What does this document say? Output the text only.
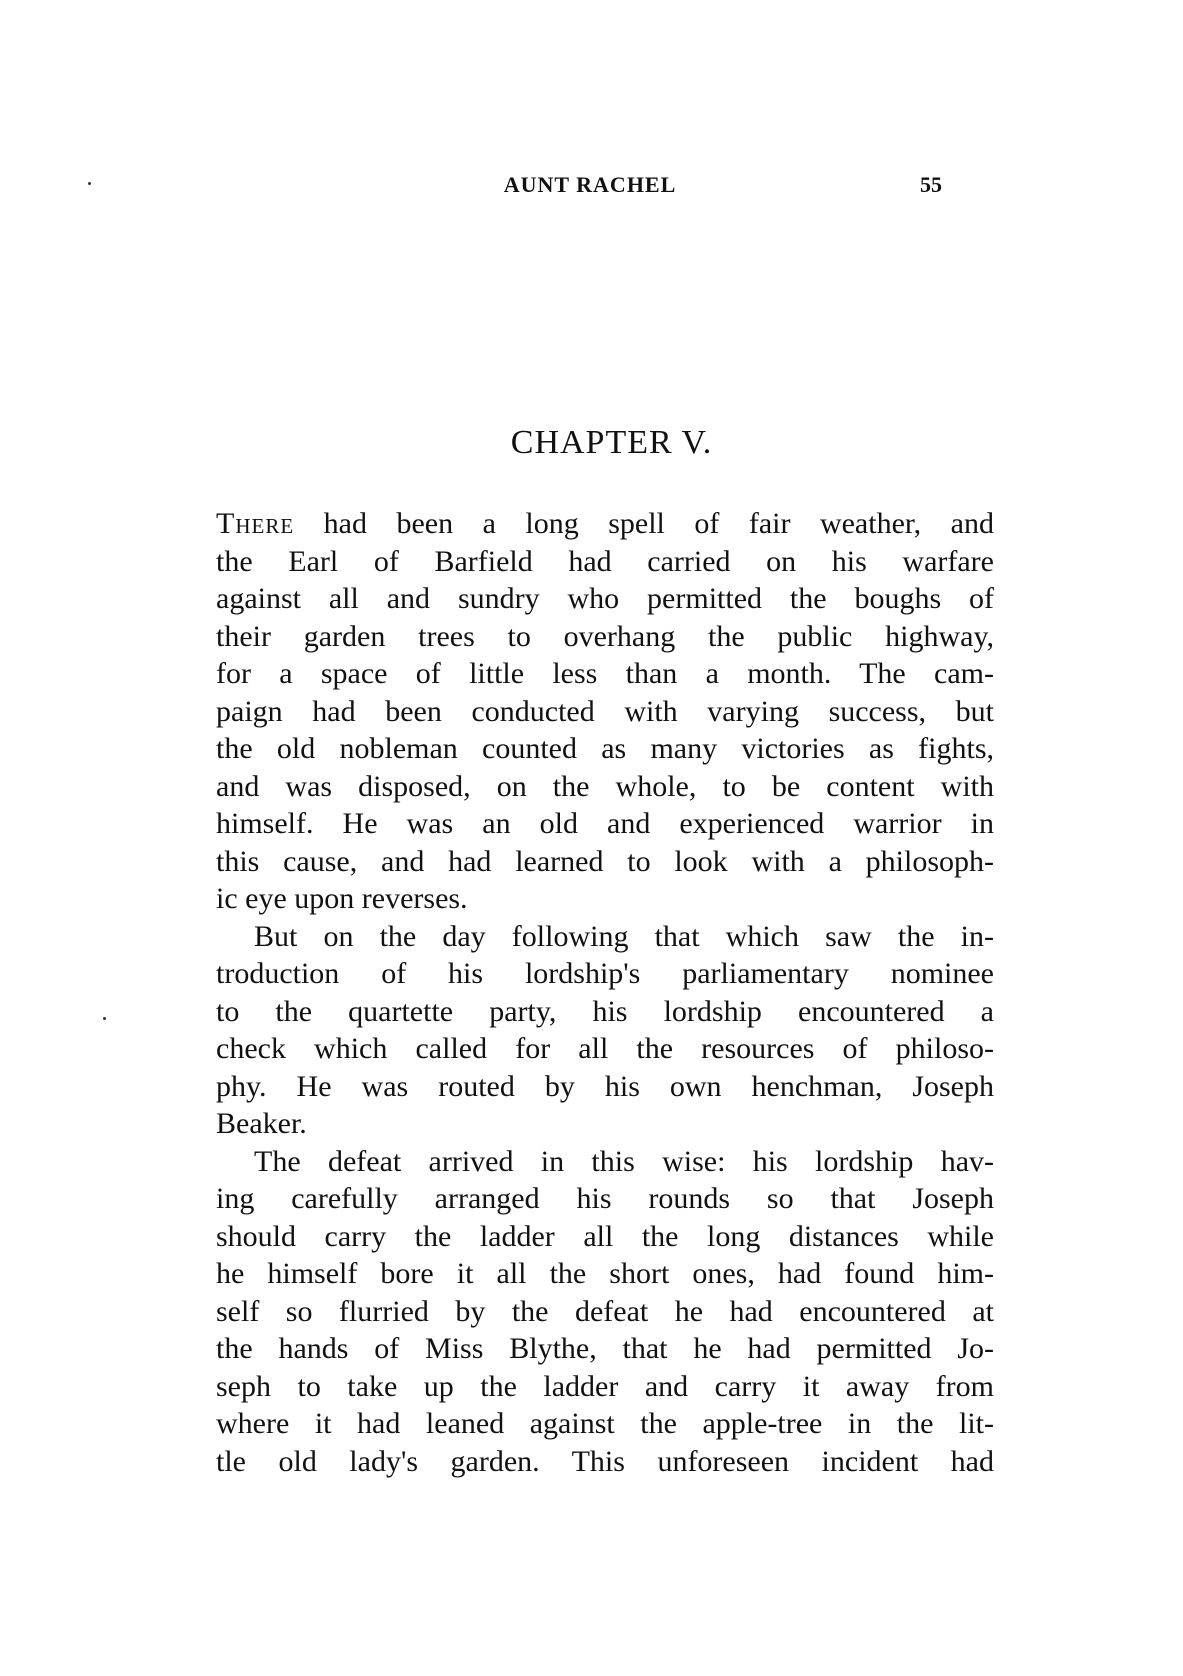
AUNT RACHEL	55
CHAPTER V.
There had been a long spell of fair weather, and
the Earl of Barfield had carried on his warfare
against all and sundry who permitted the boughs of
their garden trees to overhang the public highway,
for a space of little less than a month. The cam-
paign had been conducted with varying success, but
the old nobleman counted as many victories as fights,
and was disposed, on the whole, to be content with
himself. He was an old and experienced warrior in
this cause, and had learned to look with a philosoph-
ic eye upon reverses.
But on the day following that which saw the in-
troduction of his lordship's parliamentary nominee
to the quartette party, his lordship encountered a
check which called for all the resources of philoso-
phy. He was routed by his own henchman, Joseph
Beaker.
The defeat arrived in this wise: his lordship hav-
ing carefully arranged his rounds so that Joseph
should carry the ladder all the long distances while
he himself bore it all the short ones, had found him-
self so flurried by the defeat he had encountered at
the hands of Miss Blythe, that he had permitted Jo-
seph to take up the ladder and carry it away from
where it had leaned against the apple-tree in the lit-
tle old lady's garden. This unforeseen incident had
